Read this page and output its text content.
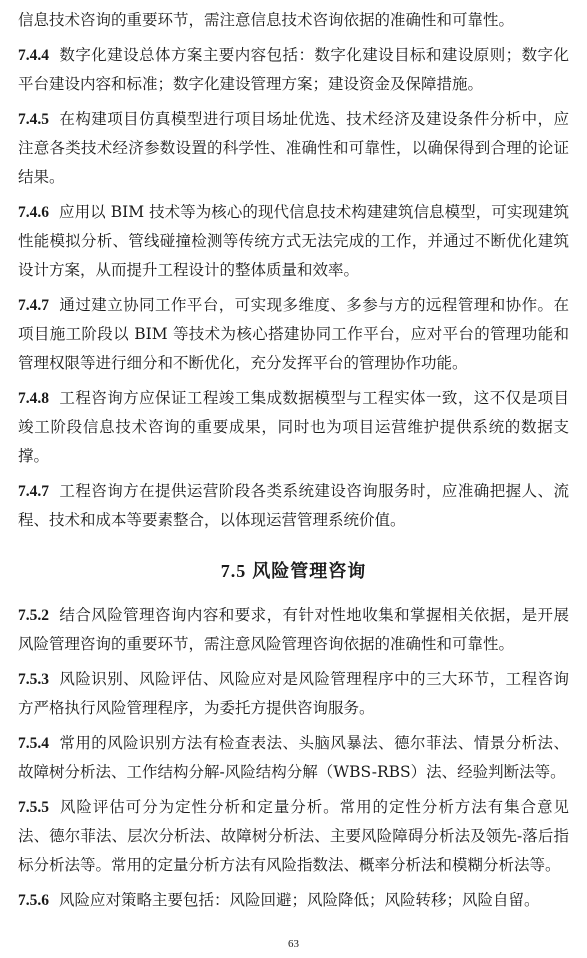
信息技术咨询的重要环节，需注意信息技术咨询依据的准确性和可靠性。

7.4.4 数字化建设总体方案主要内容包括：数字化建设目标和建设原则；数字化平台建设内容和标准；数字化建设管理方案；建设资金及保障措施。

7.4.5 在构建项目仿真模型进行项目场址优选、技术经济及建设条件分析中，应注意各类技术经济参数设置的科学性、准确性和可靠性，以确保得到合理的论证结果。

7.4.6 应用以 BIM 技术等为核心的现代信息技术构建建筑信息模型，可实现建筑性能模拟分析、管线碰撞检测等传统方式无法完成的工作，并通过不断优化建筑设计方案，从而提升工程设计的整体质量和效率。

7.4.7 通过建立协同工作平台，可实现多维度、多参与方的远程管理和协作。在项目施工阶段以 BIM 等技术为核心搭建协同工作平台，应对平台的管理功能和管理权限等进行细分和不断优化，充分发挥平台的管理协作功能。

7.4.8 工程咨询方应保证工程竣工集成数据模型与工程实体一致，这不仅是项目竣工阶段信息技术咨询的重要成果，同时也为项目运营维护提供系统的数据支撑。

7.4.7 工程咨询方在提供运营阶段各类系统建设咨询服务时，应准确把握人、流程、技术和成本等要素整合，以体现运营管理系统价值。

7.5 风险管理咨询

7.5.2 结合风险管理咨询内容和要求，有针对性地收集和掌握相关依据，是开展风险管理咨询的重要环节，需注意风险管理咨询依据的准确性和可靠性。

7.5.3 风险识别、风险评估、风险应对是风险管理程序中的三大环节，工程咨询方严格执行风险管理程序，为委托方提供咨询服务。

7.5.4 常用的风险识别方法有检查表法、头脑风暴法、德尔菲法、情景分析法、故障树分析法、工作结构分解-风险结构分解（WBS-RBS）法、经验判断法等。

7.5.5 风险评估可分为定性分析和定量分析。常用的定性分析方法有集合意见法、德尔菲法、层次分析法、故障树分析法、主要风险障碍分析法及领先-落后指标分析法等。常用的定量分析方法有风险指数法、概率分析法和模糊分析法等。

7.5.6 风险应对策略主要包括：风险回避；风险降低；风险转移；风险自留。

63
